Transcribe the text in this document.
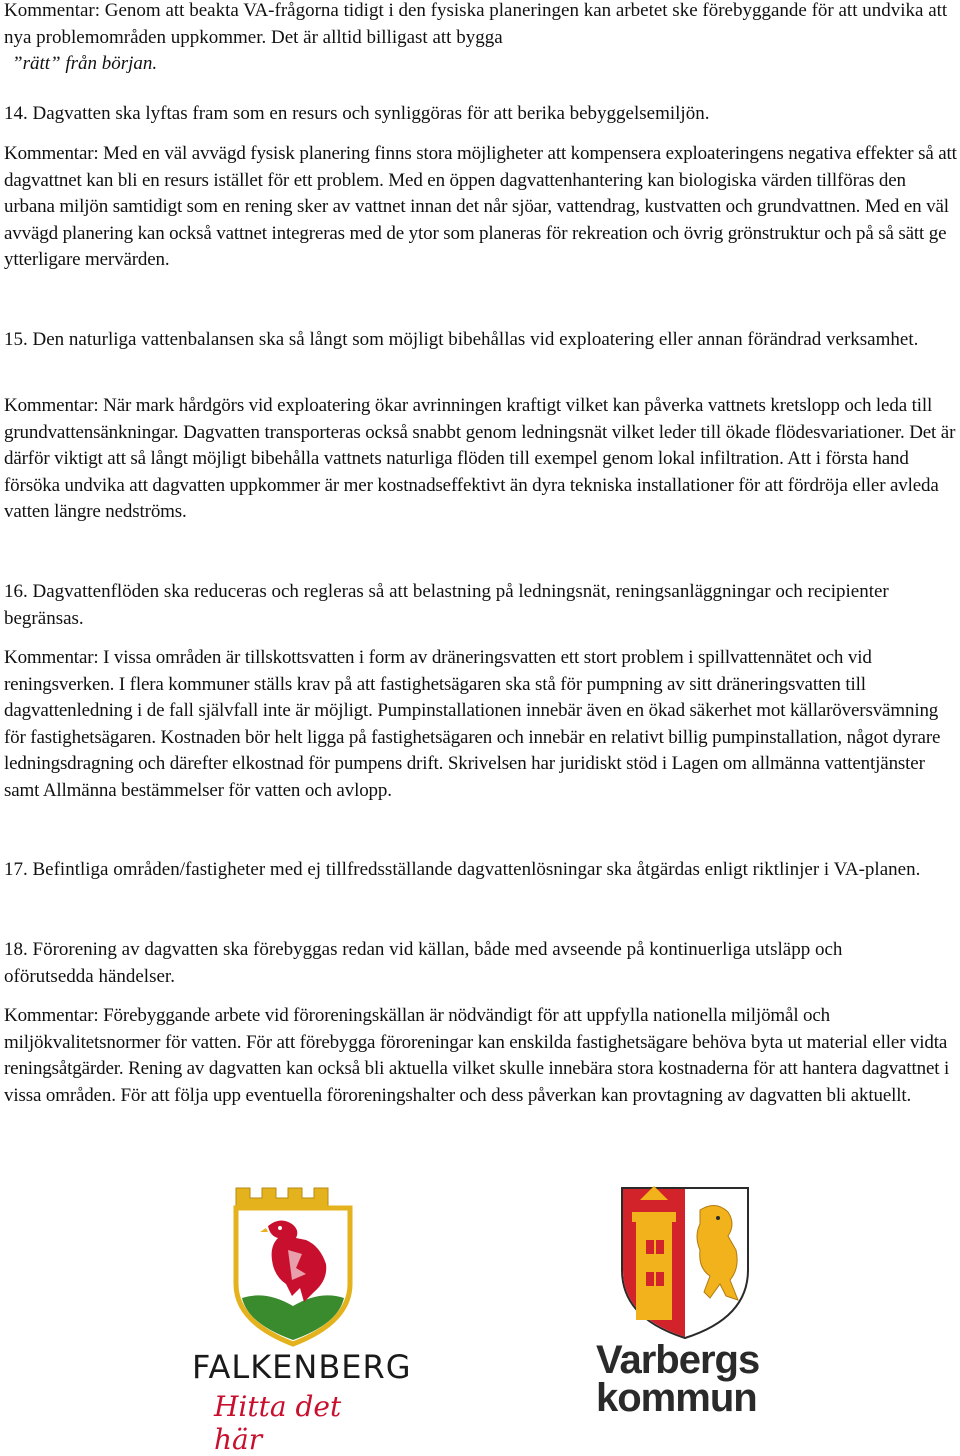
Kommentar: Genom att beakta VA-frågorna tidigt i den fysiska planeringen kan arbetet ske förebyggande för att undvika att nya problemområden uppkommer. Det är alltid billigast att bygga
”rätt” från början.

14. Dagvatten ska lyftas fram som en resurs och synliggöras för att berika bebyggelsemiljön.

Kommentar: Med en väl avvägd fysisk planering finns stora möjligheter att kompensera exploateringens negativa effekter så att dagvattnet kan bli en resurs istället för ett problem. Med en öppen dagvattenhantering kan biologiska värden tillföras den urbana miljön samtidigt som en rening sker av vattnet innan det når sjöar, vattendrag, kustvatten och grundvattnen. Med en väl avvägd planering kan också vattnet integreras med de ytor som planeras för rekreation och övrig grönstruktur och på så sätt ge ytterligare mervärden.

15. Den naturliga vattenbalansen ska så långt som möjligt bibehållas vid exploatering eller annan förändrad verksamhet.

Kommentar: När mark hårdgörs vid exploatering ökar avrinningen kraftigt vilket kan påverka vattnets kretslopp och leda till grundvattensänkningar. Dagvatten transporteras också snabbt genom ledningsnät vilket leder till ökade flödesvariationer. Det är därför viktigt att så långt möjligt bibehålla vattnets naturliga flöden till exempel genom lokal infiltration. Att i första hand försöka undvika att dagvatten uppkommer är mer kostnadseffektivt än dyra tekniska installationer för att fördröja eller avleda vatten längre nedströms.

16. Dagvattenflöden ska reduceras och regleras så att belastning på ledningsnät, reningsanläggningar och recipienter begränsas.

Kommentar: I vissa områden är tillskottsvatten i form av dräneringsvatten ett stort problem i spillvattennätet och vid reningsverken. I flera kommuner ställs krav på att fastighetsägaren ska stå för pumpning av sitt dräneringsvatten till dagvattenledning i de fall självfall inte är möjligt. Pumpinstallationen innebär även en ökad säkerhet mot källaröversvämning för fastighetsägaren. Kostnaden bör helt ligga på fastighetsägaren och innebär en relativt billig pumpinstallation, något dyrare ledningsdragning och därefter elkostnad för pumpens drift. Skrivelsen har juridiskt stöd i Lagen om allmänna vattentjänster samt Allmänna bestämmelser för vatten och avlopp.

17. Befintliga områden/fastigheter med ej tillfredsställande dagvattenlösningar ska åtgärdas enligt riktlinjer i VA-planen.

18. Förorening av dagvatten ska förebyggas redan vid källan, både med avseende på kontinuerliga utsläpp och oförutsedda händelser.

Kommentar: Förebyggande arbete vid föroreningskällan är nödvändigt för att uppfylla nationella miljömål och miljökvalitetsnormer för vatten. För att förebygga föroreningar kan enskilda fastighetsägare behöva byta ut material eller vidta reningsåtgärder. Rening av dagvatten kan också bli aktuella vilket skulle innebära stora kostnaderna för att hantera dagvattnet i vissa områden. För att följa upp eventuella föroreningshalter och dess påverkan kan provtagning av dagvatten bli aktuellt.

FALKENBERG
Hitta det här
Varbergs
kommun
